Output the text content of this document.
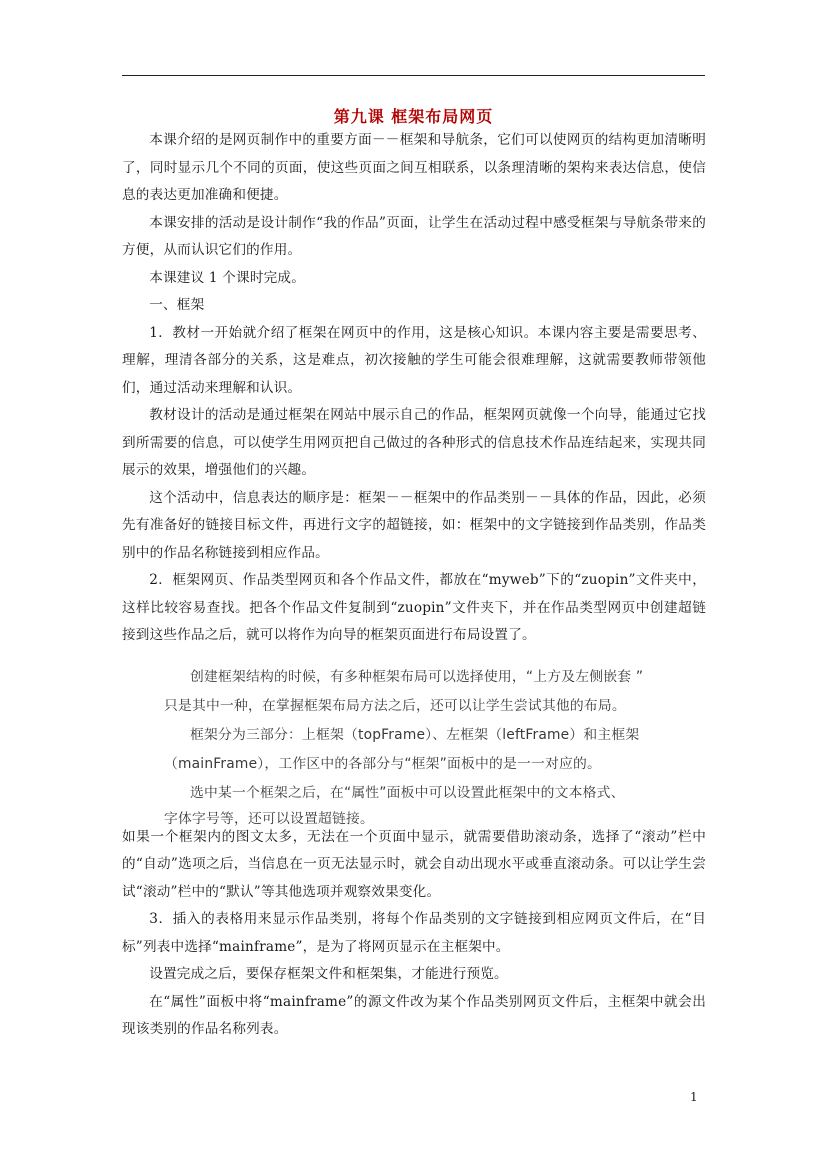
第九课 框架布局网页

本课介绍的是网页制作中的重要方面－－框架和导航条，它们可以使网页的结构更加清晰明了，同时显示几个不同的页面，使这些页面之间互相联系，以条理清晰的架构来表达信息，使信息的表达更加准确和便捷。

本课安排的活动是设计制作“我的作品”页面，让学生在活动过程中感受框架与导航条带来的方便，从而认识它们的作用。

本课建议 1 个课时完成。

一、框架

1．教材一开始就介绍了框架在网页中的作用，这是核心知识。本课内容主要是需要思考、理解，理清各部分的关系，这是难点，初次接触的学生可能会很难理解，这就需要教师带领他们，通过活动来理解和认识。

教材设计的活动是通过框架在网站中展示自己的作品，框架网页就像一个向导，能通过它找到所需要的信息，可以使学生用网页把自己做过的各种形式的信息技术作品连结起来，实现共同展示的效果，增强他们的兴趣。

这个活动中，信息表达的顺序是：框架－－框架中的作品类别－－具体的作品，因此，必须先有准备好的链接目标文件，再进行文字的超链接，如：框架中的文字链接到作品类别，作品类别中的作品名称链接到相应作品。

2．框架网页、作品类型网页和各个作品文件，都放在“myweb”下的“zuopin”文件夹中，这样比较容易查找。把各个作品文件复制到“zuopin”文件夹下，并在作品类型网页中创建超链接到这些作品之后，就可以将作为向导的框架页面进行布局设置了。

创建框架结构的时候，有多种框架布局可以选择使用，“上方及左侧嵌套 ”
只是其中一种，在掌握框架布局方法之后，还可以让学生尝试其他的布局。
框架分为三部分：上框架（topFrame）、左框架（leftFrame）和主框架
（mainFrame），工作区中的各部分与“框架”面板中的是一一对应的。
选中某一个框架之后，在“属性”面板中可以设置此框架中的文本格式、
字体字号等，还可以设置超链接。

如果一个框架内的图文太多，无法在一个页面中显示，就需要借助滚动条，选择了“滚动”栏中的“自动”选项之后，当信息在一页无法显示时，就会自动出现水平或垂直滚动条。可以让学生尝试“滚动”栏中的“默认”等其他选项并观察效果变化。

3．插入的表格用来显示作品类别，将每个作品类别的文字链接到相应网页文件后，在“目标”列表中选择“mainframe”，是为了将网页显示在主框架中。

设置完成之后，要保存框架文件和框架集，才能进行预览。

在“属性”面板中将“mainframe”的源文件改为某个作品类别网页文件后，主框架中就会出现该类别的作品名称列表。

1
